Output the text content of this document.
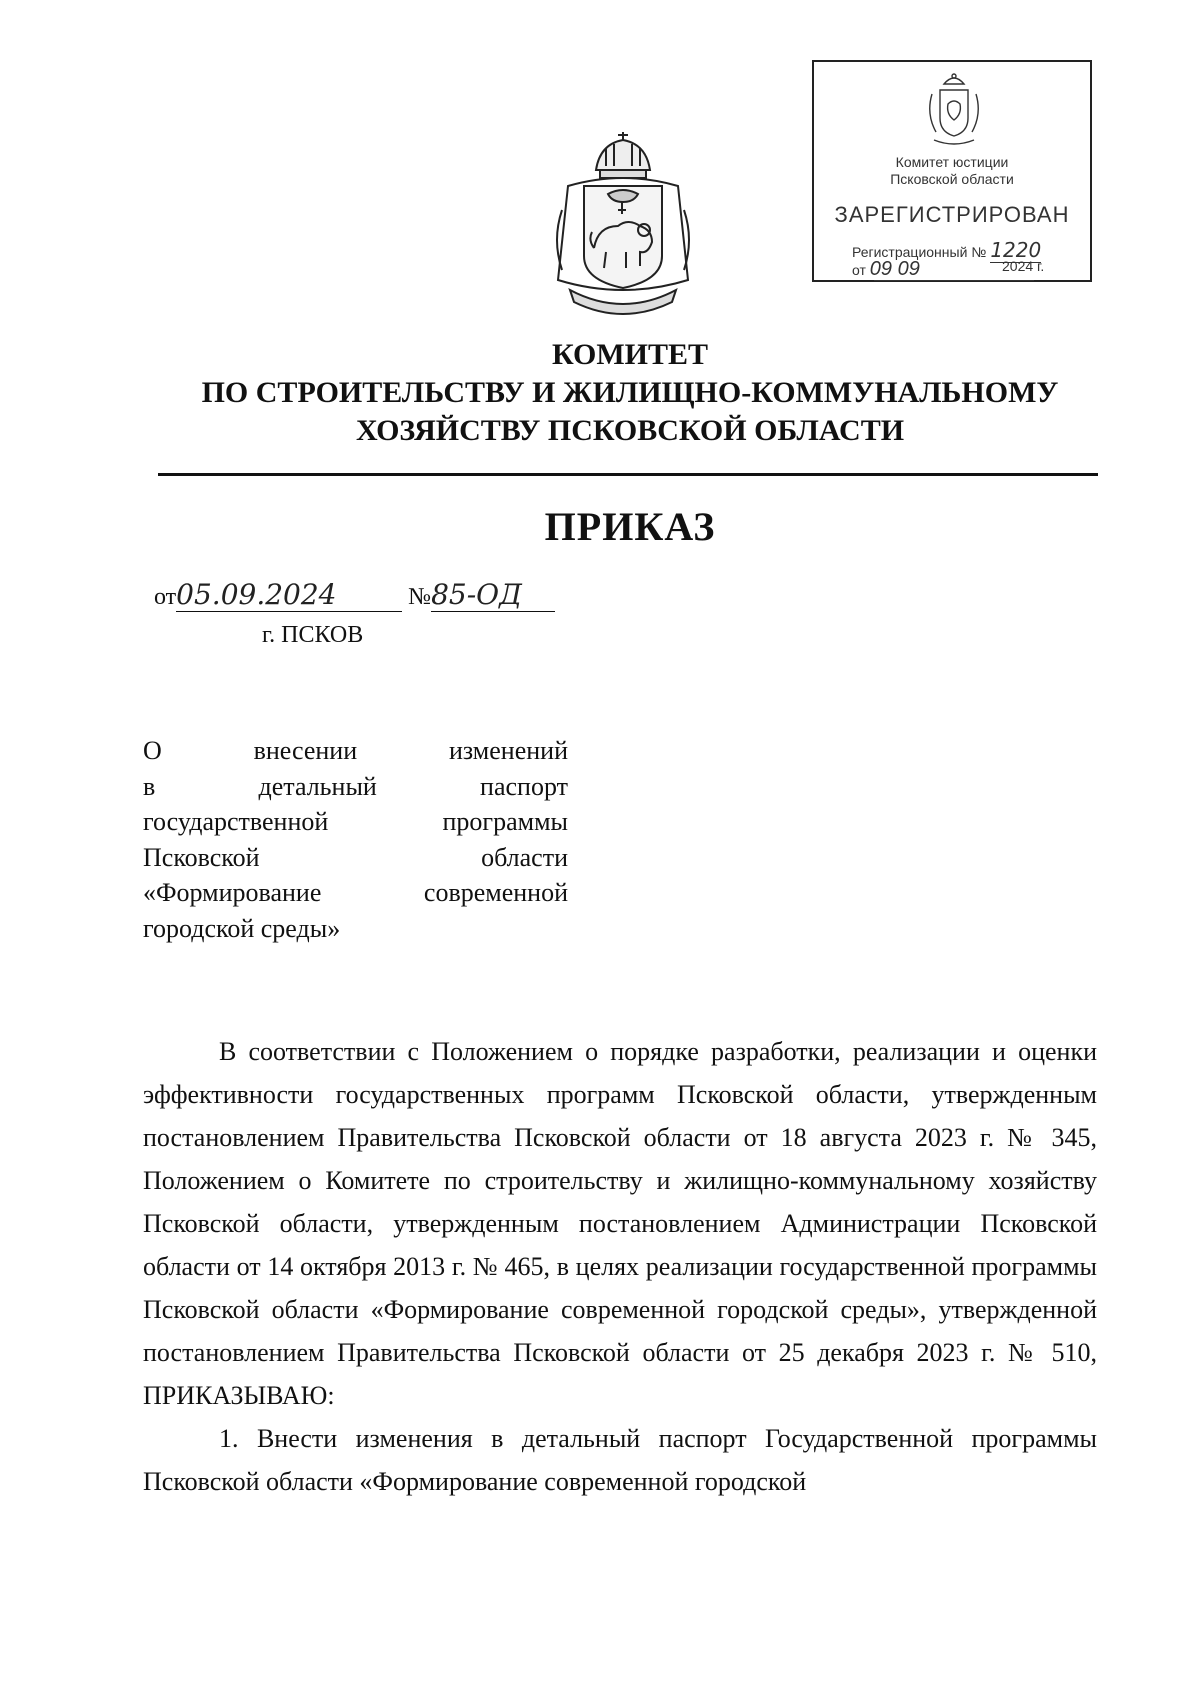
Комитет юстиции
Псковской области
ЗАРЕГИСТРИРОВАН
Регистрационный № 1220
от 09 09	2024 г.
КОМИТЕТ
ПО СТРОИТЕЛЬСТВУ И ЖИЛИЩНО-КОММУНАЛЬНОМУ
ХОЗЯЙСТВУ ПСКОВСКОЙ ОБЛАСТИ
ПРИКАЗ
от05.09.2024	№85-ОД
г. ПСКОВ
О внесении изменений
в детальный паспорт
государственной программы
Псковской области
«Формирование современной
городской среды»

В соответствии с Положением о порядке разработки, реализации и оценки эффективности государственных программ Псковской области, утвержденным постановлением Правительства Псковской области от 18 августа 2023 г. № 345, Положением о Комитете по строительству и жилищно-коммунальному хозяйству Псковской области, утвержденным постановлением Администрации Псковской области от 14 октября 2013 г. № 465, в целях реализации государственной программы Псковской области «Формирование современной городской среды», утвержденной постановлением Правительства Псковской области от 25 декабря 2023 г. № 510, ПРИКАЗЫВАЮ:

1. Внести изменения в детальный паспорт Государственной программы Псковской области «Формирование современной городской
